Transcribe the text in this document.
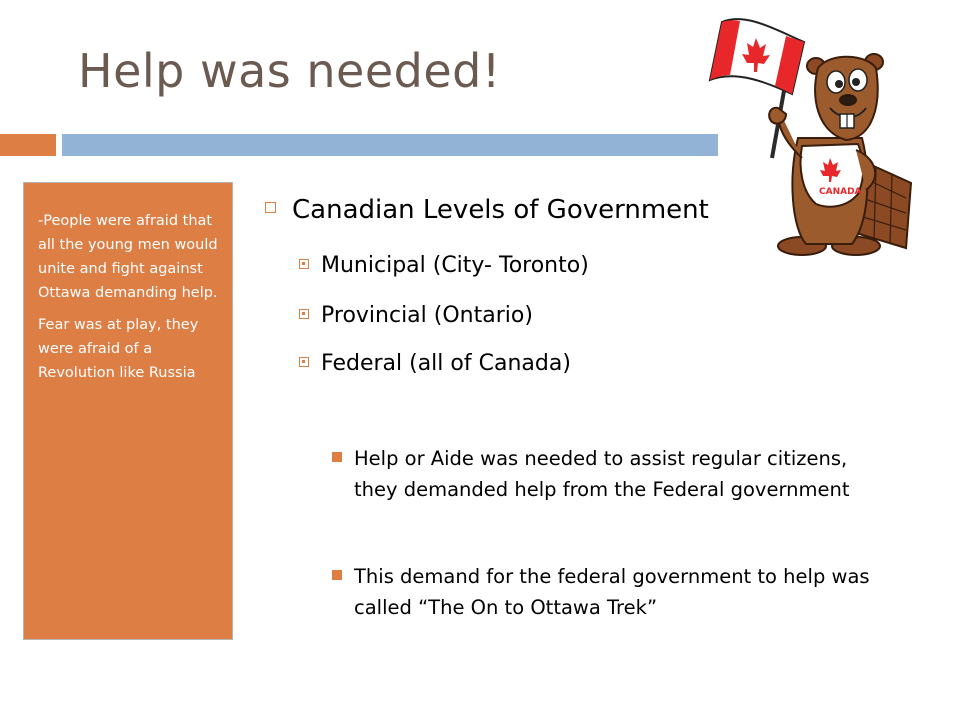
Help was needed!

-People were afraid that all the young men would unite and fight against Ottawa demanding help.

Fear was at play, they were afraid of a Revolution like Russia

Canadian Levels of Government
Municipal (City- Toronto)
Provincial (Ontario)
Federal (all of Canada)
Help or Aide was needed to assist regular citizens, they demanded help from the Federal government
This demand for the federal government to help was called “The On to Ottawa Trek”
CANADA
